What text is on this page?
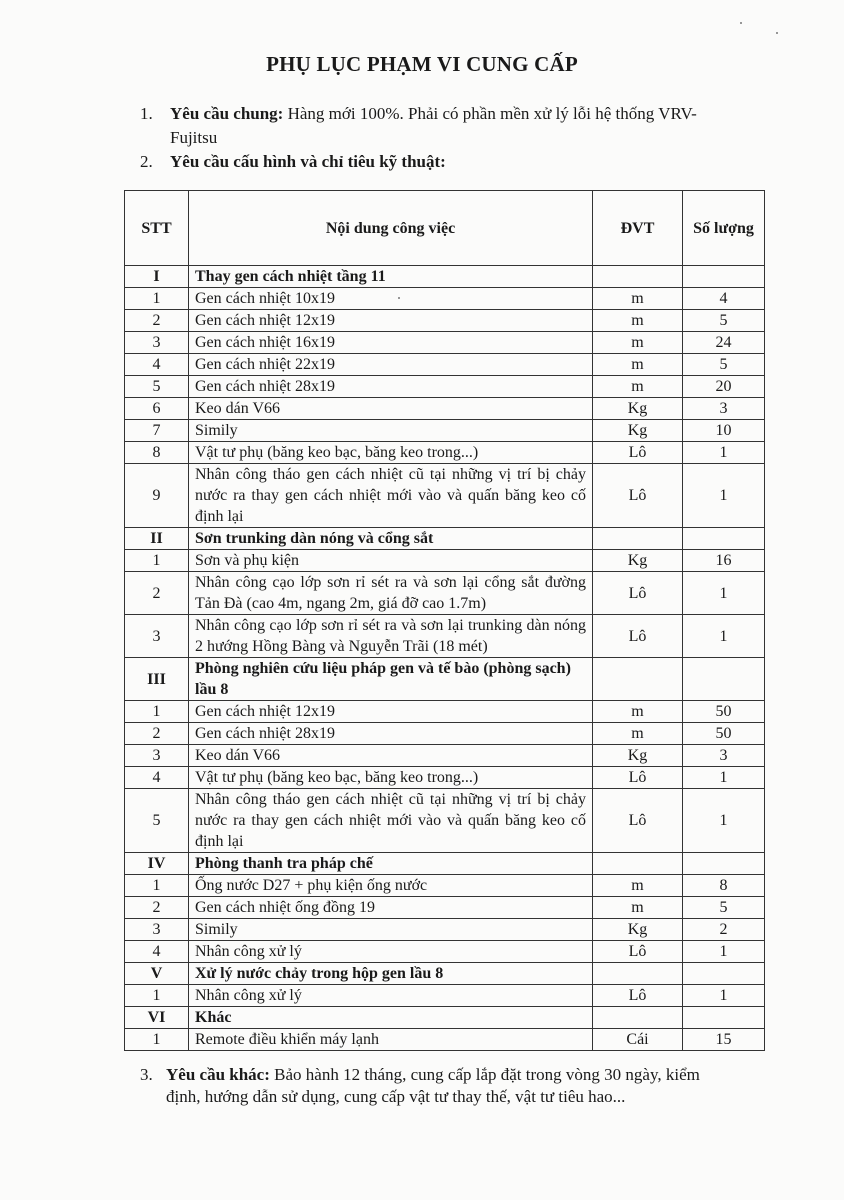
PHỤ LỤC PHẠM VI CUNG CẤP
1. Yêu cầu chung: Hàng mới 100%. Phải có phần mền xử lý lỗi hệ thống VRV-
Fujitsu
2. Yêu cầu cấu hình và chỉ tiêu kỹ thuật:
STT	Nội dung công việc	ĐVT	Số lượng
I	Thay gen cách nhiệt tầng 11		
1	Gen cách nhiệt 10x19	m	4
2	Gen cách nhiệt 12x19	m	5
3	Gen cách nhiệt 16x19	m	24
4	Gen cách nhiệt 22x19	m	5
5	Gen cách nhiệt 28x19	m	20
6	Keo dán V66	Kg	3
7	Simily	Kg	10
8	Vật tư phụ (băng keo bạc, băng keo trong...)	Lô	1
9	Nhân công tháo gen cách nhiệt cũ tại những vị trí bị chảy nước ra thay gen cách nhiệt mới vào và quấn băng keo cố định lại	Lô	1
II	Sơn trunking dàn nóng và cổng sắt		
1	Sơn và phụ kiện	Kg	16
2	Nhân công cạo lớp sơn rỉ sét ra và sơn lại cổng sắt đường Tản Đà (cao 4m, ngang 2m, giá đỡ cao 1.7m)	Lô	1
3	Nhân công cạo lớp sơn rỉ sét ra và sơn lại trunking dàn nóng 2 hướng Hồng Bàng và Nguyễn Trãi (18 mét)	Lô	1
III	Phòng nghiên cứu liệu pháp gen và tế bào (phòng sạch) lầu 8		
1	Gen cách nhiệt 12x19	m	50
2	Gen cách nhiệt 28x19	m	50
3	Keo dán V66	Kg	3
4	Vật tư phụ (băng keo bạc, băng keo trong...)	Lô	1
5	Nhân công tháo gen cách nhiệt cũ tại những vị trí bị chảy nước ra thay gen cách nhiệt mới vào và quấn băng keo cố định lại	Lô	1
IV	Phòng thanh tra pháp chế		
1	Ống nước D27 + phụ kiện ống nước	m	8
2	Gen cách nhiệt ống đồng 19	m	5
3	Simily	Kg	2
4	Nhân công xử lý	Lô	1
V	Xử lý nước chảy trong hộp gen lầu 8		
1	Nhân công xử lý	Lô	1
VI	Khác		
1	Remote điều khiển máy lạnh	Cái	15
3. Yêu cầu khác: Bảo hành 12 tháng, cung cấp lắp đặt trong vòng 30 ngày, kiểm
định, hướng dẫn sử dụng, cung cấp vật tư thay thế, vật tư tiêu hao...
